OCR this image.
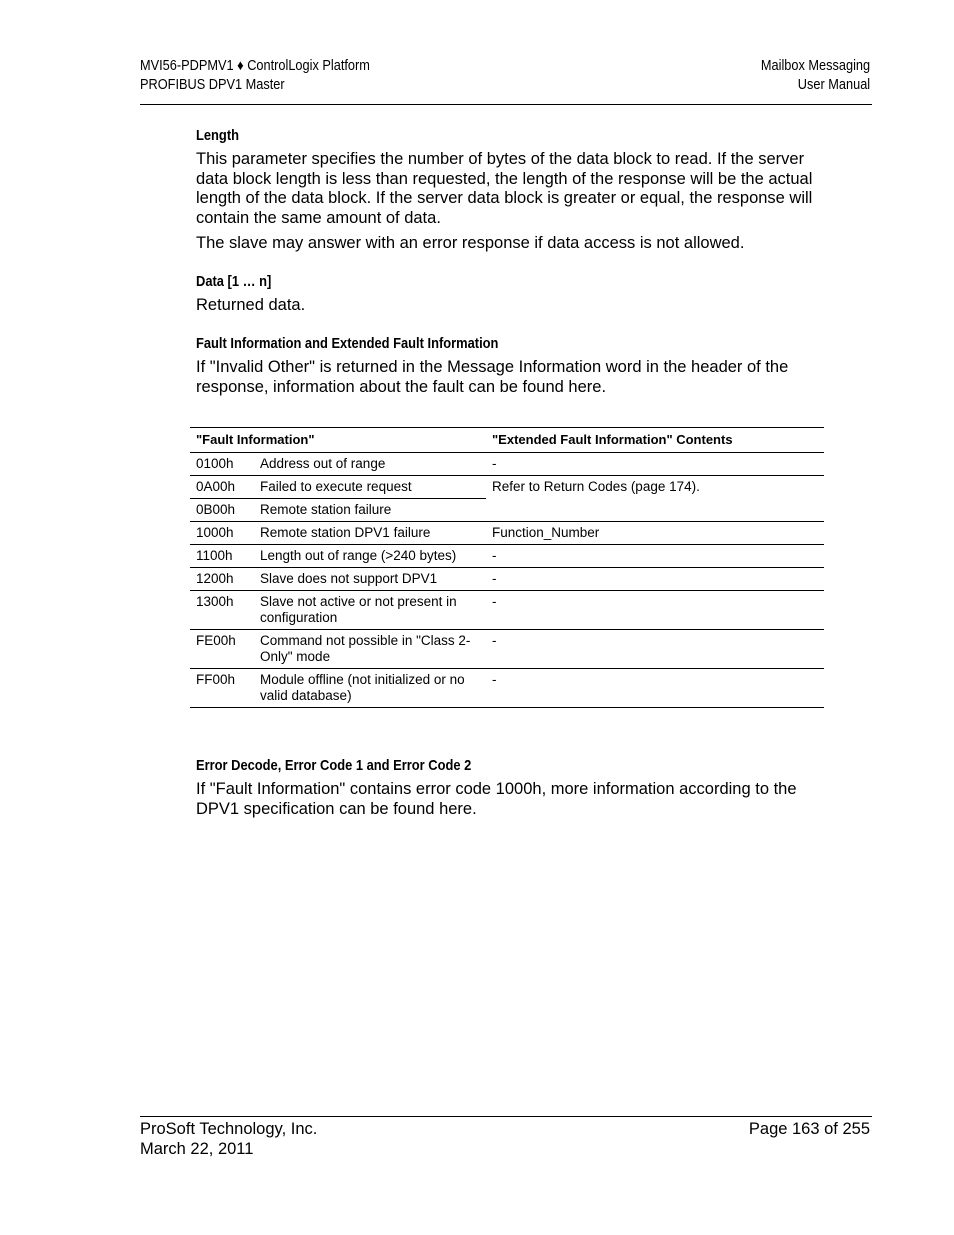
MVI56-PDPMV1 ♦ ControlLogix Platform
PROFIBUS DPV1 Master
Mailbox Messaging
User Manual
Length

This parameter specifies the number of bytes of the data block to read. If the server data block length is less than requested, the length of the response will be the actual length of the data block. If the server data block is greater or equal, the response will contain the same amount of data.

The slave may answer with an error response if data access is not allowed.

Data [1 … n]

Returned data.

Fault Information and Extended Fault Information

If "Invalid Other" is returned in the Message Information word in the header of the response, information about the fault can be found here.

"Fault Information"		"Extended Fault Information" Contents
0100h	Address out of range	-
0A00h	Failed to execute request	Refer to Return Codes (page 174).
0B00h	Remote station failure	
1000h	Remote station DPV1 failure	Function_Number
1100h	Length out of range (>240 bytes)	-
1200h	Slave does not support DPV1	-
1300h	Slave not active or not present in configuration	-
FE00h	Command not possible in "Class 2-Only" mode	-
FF00h	Module offline (not initialized or no valid database)	-
Error Decode, Error Code 1 and Error Code 2

If "Fault Information" contains error code 1000h, more information according to the DPV1 specification can be found here.

ProSoft Technology, Inc.
March 22, 2011
Page 163 of 255
